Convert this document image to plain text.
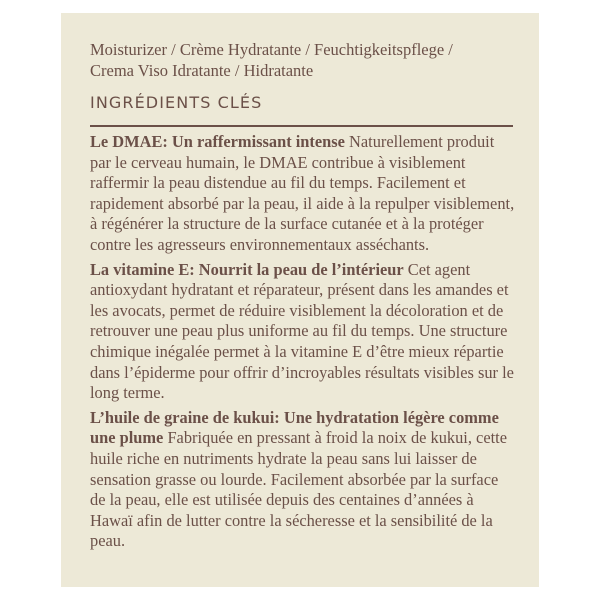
Moisturizer / Crème Hydratante / Feuchtigkeitspflege /
Crema Viso Idratante / Hidratante

INGRÉDIENTS CLÉS

Le DMAE: Un raffermissant intense Naturellement produit par le cerveau humain, le DMAE contribue à visiblement raffermir la peau distendue au fil du temps. Facilement et rapidement absorbé par la peau, il aide à la repulper visiblement, à régénérer la structure de la surface cutanée et à la protéger contre les agresseurs environnementaux asséchants.

La vitamine E: Nourrit la peau de l’intérieur Cet agent antioxydant hydratant et réparateur, présent dans les amandes et les avocats, permet de réduire visiblement la décoloration et de retrouver une peau plus uniforme au fil du temps. Une structure chimique inégalée permet à la vitamine E d’être mieux répartie dans l’épiderme pour offrir d’incroyables résultats visibles sur le long terme.

L’huile de graine de kukui: Une hydratation légère comme une plume Fabriquée en pressant à froid la noix de kukui, cette huile riche en nutriments hydrate la peau sans lui laisser de sensation grasse ou lourde. Facilement absorbée par la surface de la peau, elle est utilisée depuis des centaines d’années à Hawaï afin de lutter contre la sécheresse et la sensibilité de la peau.
